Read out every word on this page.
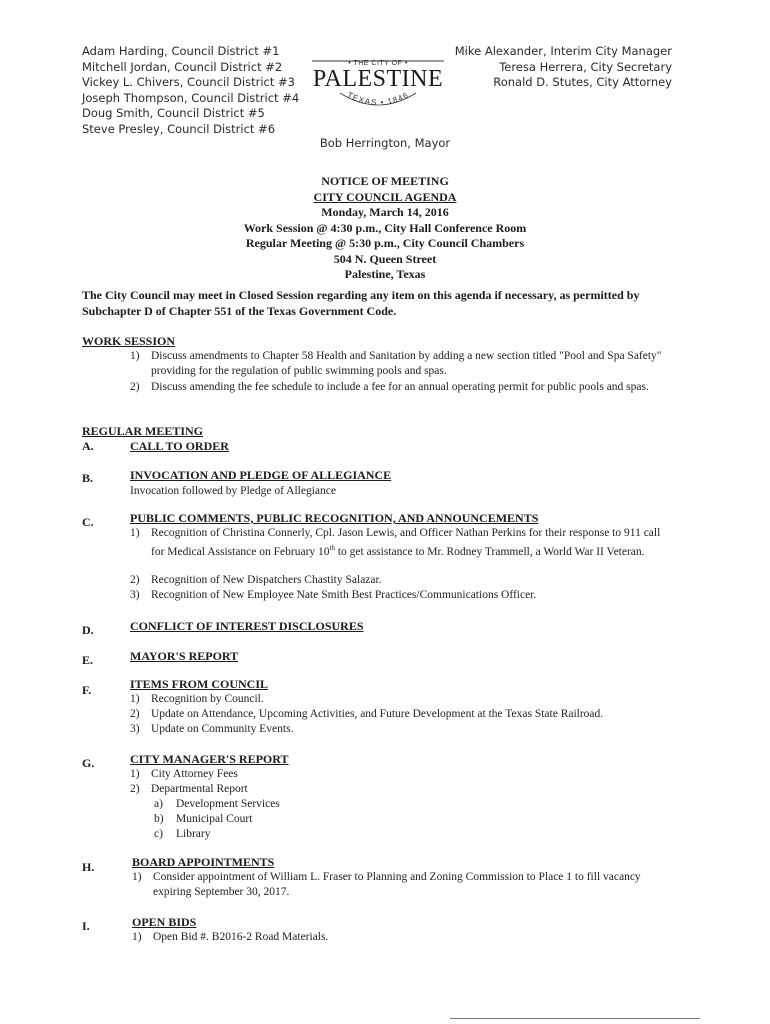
Adam Harding, Council District #1
Mitchell Jordan, Council District #2
Vickey L. Chivers, Council District #3
Joseph Thompson, Council District #4
Doug Smith, Council District #5
Steve Presley, Council District #6
Mike Alexander, Interim City Manager
Teresa Herrera, City Secretary
Ronald D. Stutes, City Attorney
• THE CITY OF •
PALESTINE
TEXAS • 1846
Bob Herrington, Mayor
NOTICE OF MEETING
CITY COUNCIL AGENDA
Monday, March 14, 2016
Work Session @ 4:30 p.m., City Hall Conference Room
Regular Meeting @ 5:30 p.m., City Council Chambers
504 N. Queen Street
Palestine, Texas
The City Council may meet in Closed Session regarding any item on this agenda if necessary, as permitted by Subchapter D of Chapter 551 of the Texas Government Code.
WORK SESSION
1) Discuss amendments to Chapter 58 Health and Sanitation by adding a new section titled "Pool and Spa Safety" providing for the regulation of public swimming pools and spas.
2) Discuss amending the fee schedule to include a fee for an annual operating permit for public pools and spas.
REGULAR MEETING
A.	CALL TO ORDER
B.	INVOCATION AND PLEDGE OF ALLEGIANCE
Invocation followed by Pledge of Allegiance
C.	PUBLIC COMMENTS, PUBLIC RECOGNITION, AND ANNOUNCEMENTS
1) Recognition of Christina Connerly, Cpl. Jason Lewis, and Officer Nathan Perkins for their response to 911 call for Medical Assistance on February 10th to get assistance to Mr. Rodney Trammell, a World War II Veteran.
2) Recognition of New Dispatchers Chastity Salazar.
3) Recognition of New Employee Nate Smith Best Practices/Communications Officer.
D.	CONFLICT OF INTEREST DISCLOSURES
E.	MAYOR'S REPORT
F.	ITEMS FROM COUNCIL
1) Recognition by Council.
2) Update on Attendance, Upcoming Activities, and Future Development at the Texas State Railroad.
3) Update on Community Events.
G.	CITY MANAGER'S REPORT
1) City Attorney Fees
2) Departmental Report
a)	Development Services
b)	Municipal Court
c)	Library
H.	BOARD APPOINTMENTS
1) Consider appointment of William L. Fraser to Planning and Zoning Commission to Place 1 to fill vacancy expiring September 30, 2017.
I.	OPEN BIDS
1) Open Bid #. B2016-2 Road Materials.
